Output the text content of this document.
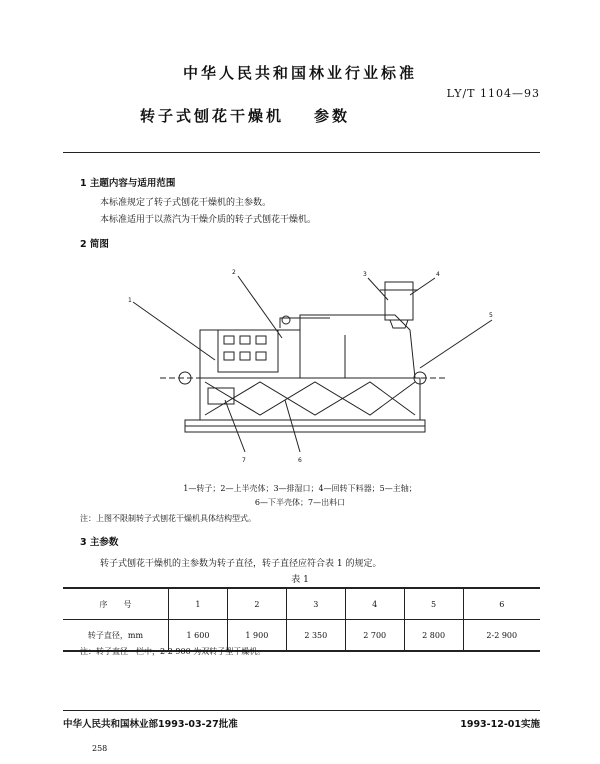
中华人民共和国林业行业标准
LY/T 1104—93
转子式刨花干燥机 参数
1 主题内容与适用范围
本标准规定了转子式刨花干燥机的主参数。
本标准适用于以蒸汽为干燥介质的转子式刨花干燥机。
2 简图
1
2	3	4
5
6
7
1—转子；2—上半壳体；3—排湿口；4—回转下料器；5—主轴；
6—下半壳体；7—出料口
注：上图不限制转子式刨花干燥机具体结构型式。
3 主参数
转子式刨花干燥机的主参数为转子直径，转子直径应符合表 1 的规定。
表 1
序　　号	1	2	3	4	5	6
转子直径，mm	1 600	1 900	2 350	2 700	2 800	2-2 900
注：转子直径一栏中，2-2 900 为双转子型干燥机。
中华人民共和国林业部1993-03-27批准	1993-12-01实施
258
